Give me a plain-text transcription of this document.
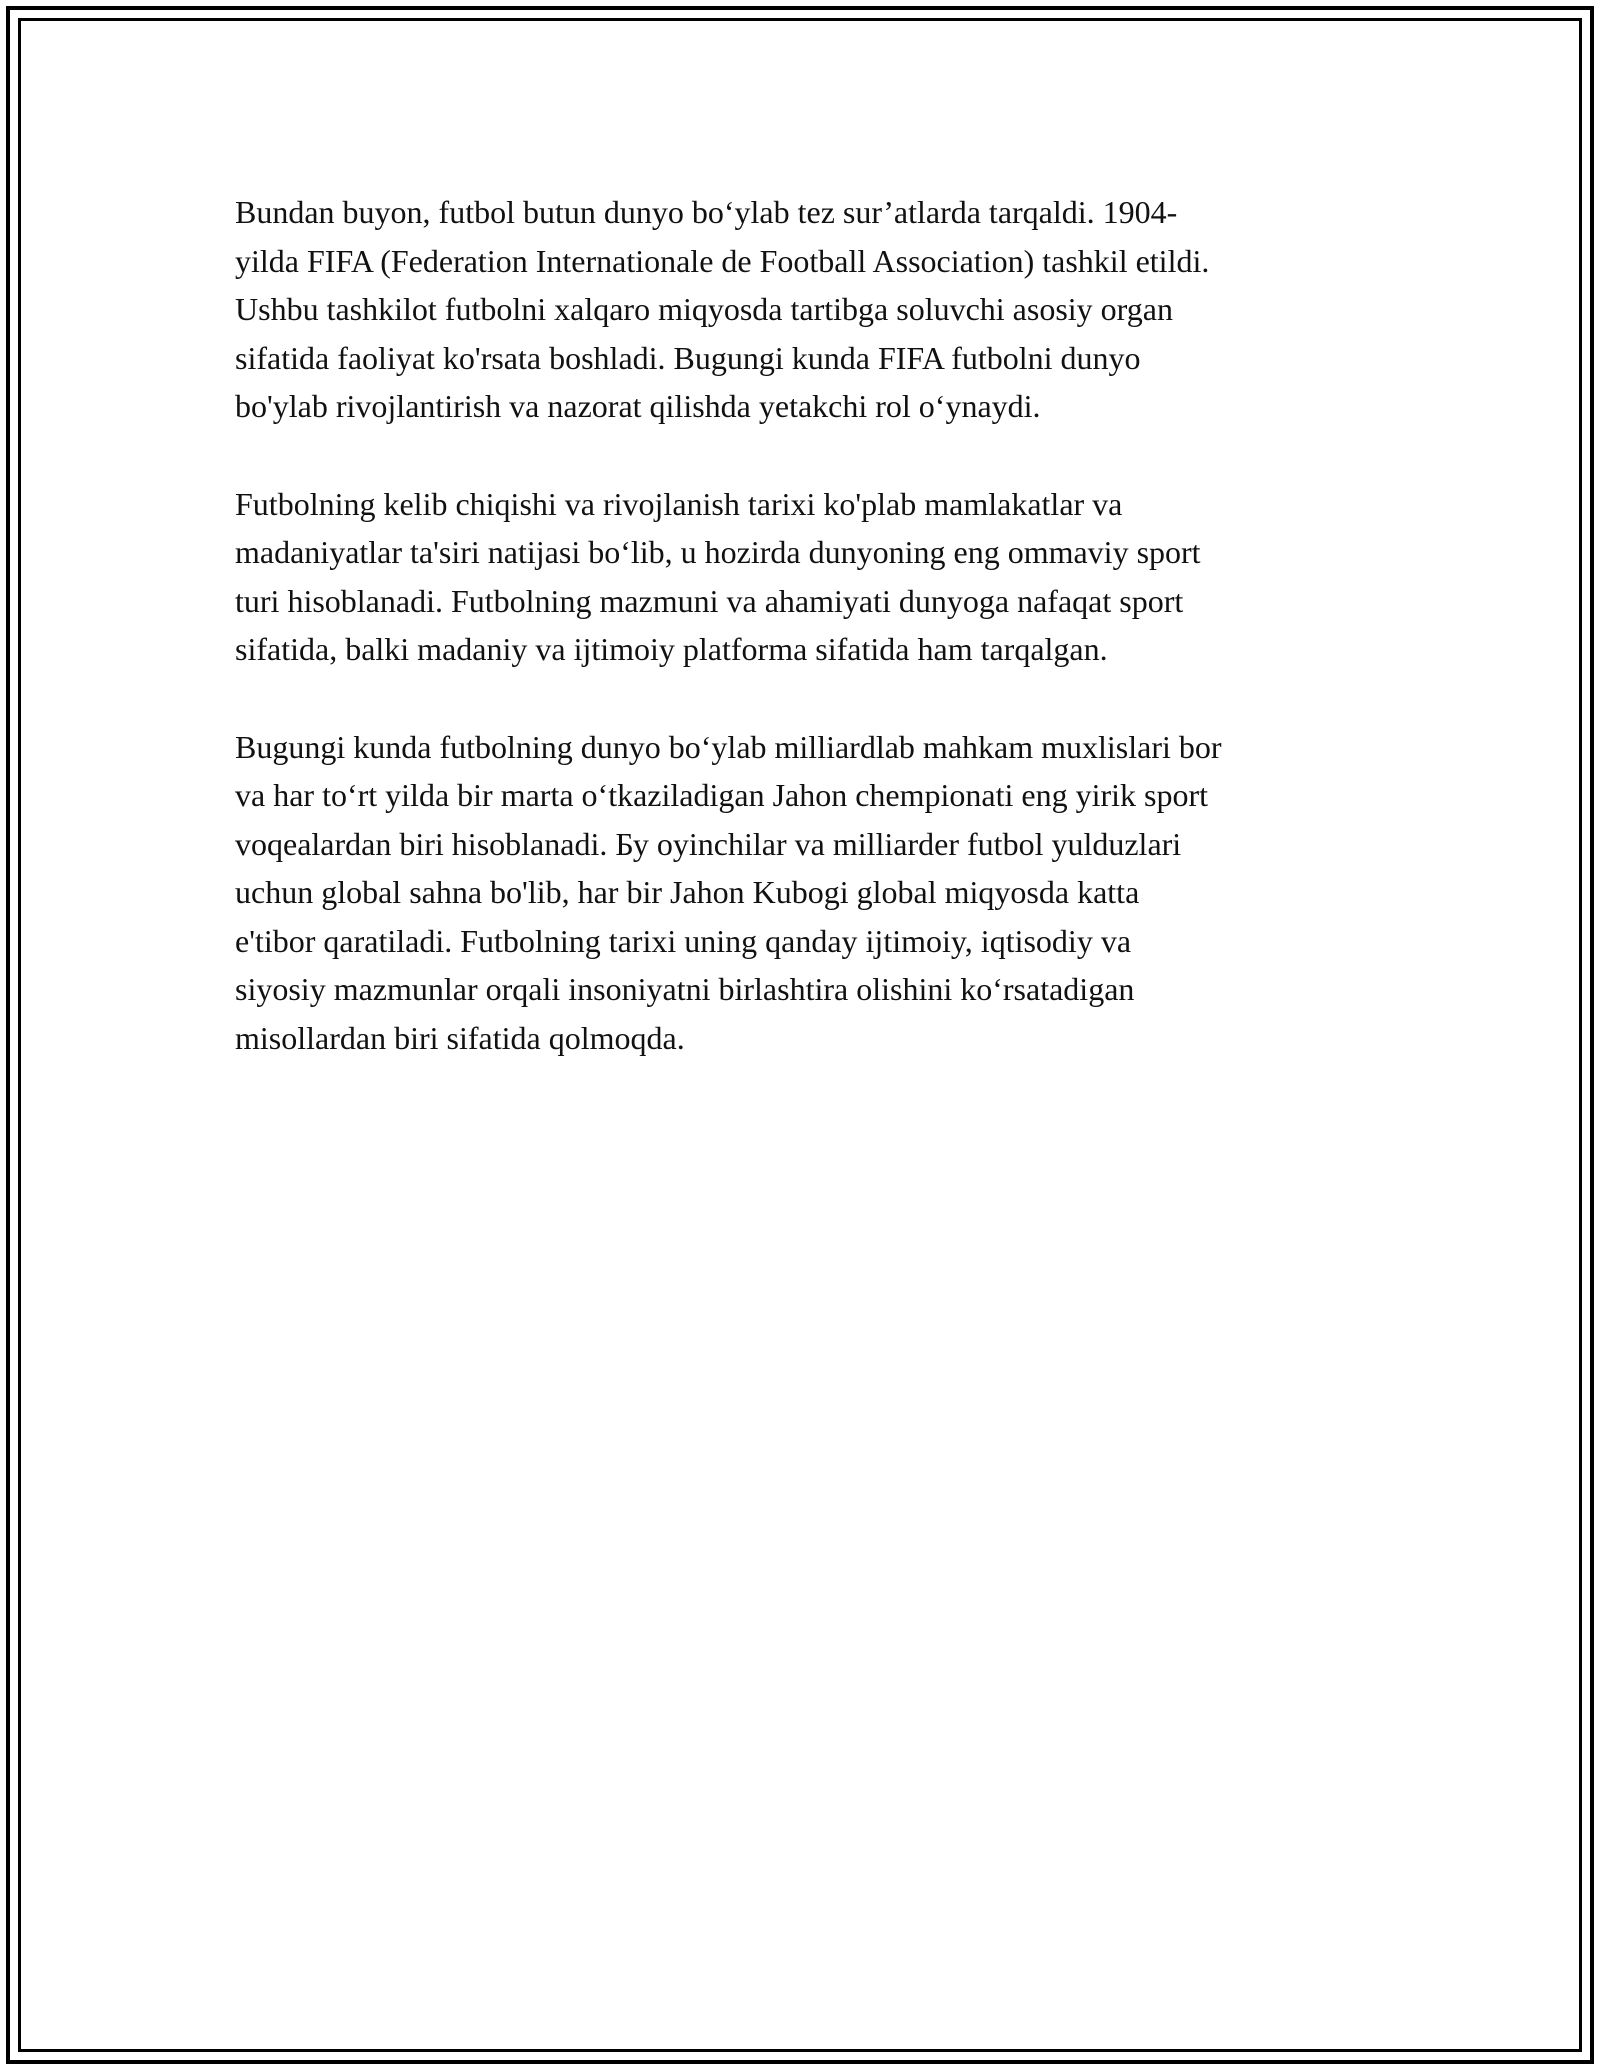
Bundan buyon, futbol butun dunyo bo‘ylab tez sur’atlarda tarqaldi. 1904-
yilda FIFA (Federation Internationale de Football Association) tashkil etildi.
Ushbu tashkilot futbolni xalqaro miqyosda tartibga soluvchi asosiy organ
sifatida faoliyat ko'rsata boshladi. Bugungi kunda FIFA futbolni dunyo
bo'ylab rivojlantirish va nazorat qilishda yetakchi rol o‘ynaydi.

Futbolning kelib chiqishi va rivojlanish tarixi ko'plab mamlakatlar va
madaniyatlar ta'siri natijasi bo‘lib, u hozirda dunyoning eng ommaviy sport
turi hisoblanadi. Futbolning mazmuni va ahamiyati dunyoga nafaqat sport
sifatida, balki madaniy va ijtimoiy platforma sifatida ham tarqalgan.

Bugungi kunda futbolning dunyo bo‘ylab milliardlab mahkam muxlislari bor
va har to‘rt yilda bir marta o‘tkaziladigan Jahon chempionati eng yirik sport
voqealardan biri hisoblanadi. Бу oyinchilar va milliarder futbol yulduzlari
uchun global sahna bo'lib, har bir Jahon Kubogi global miqyosda katta
e'tibor qaratiladi. Futbolning tarixi uning qanday ijtimoiy, iqtisodiy va
siyosiy mazmunlar orqali insoniyatni birlashtira olishini ko‘rsatadigan
misollardan biri sifatida qolmoqda.
